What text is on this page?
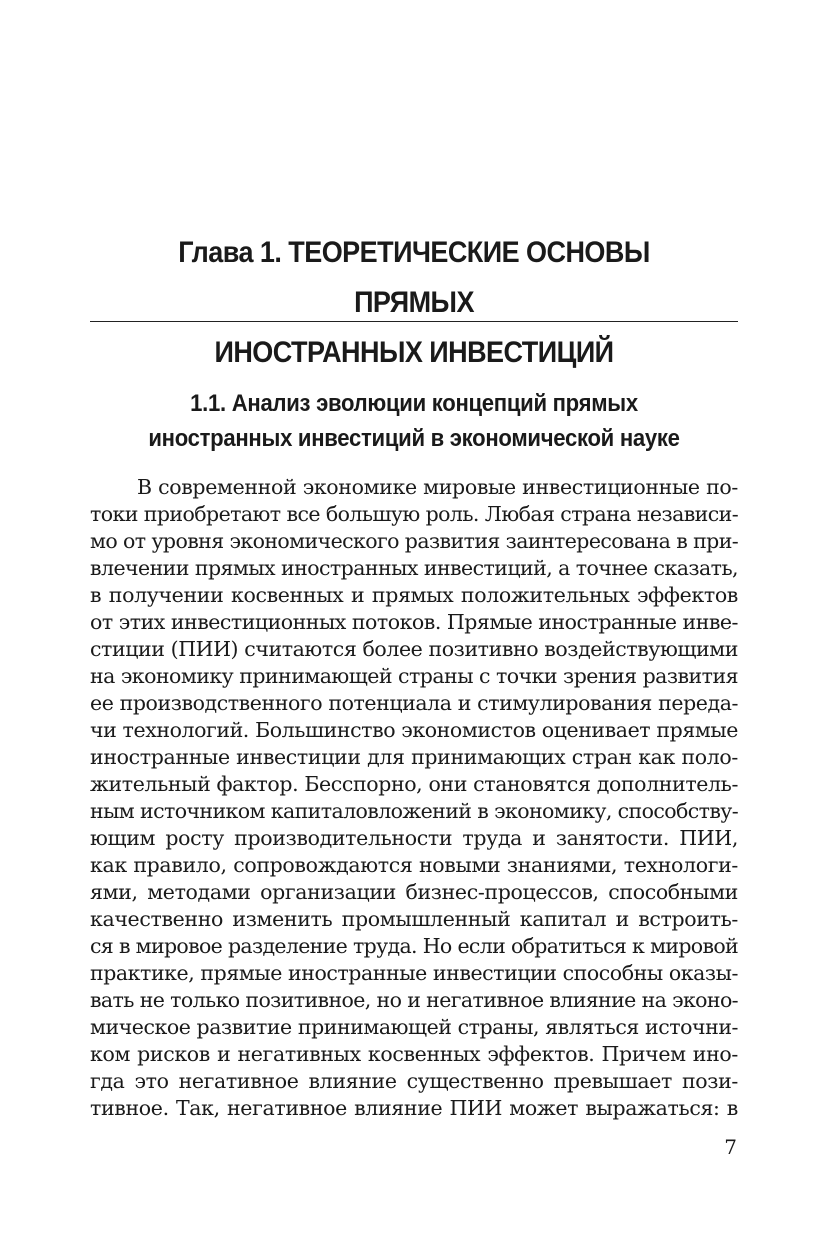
Глава 1. ТЕОРЕТИЧЕСКИЕ ОСНОВЫ ПРЯМЫХ
ИНОСТРАННЫХ ИНВЕСТИЦИЙ
1.1. Анализ эволюции концепций прямых
иностранных инвестиций в экономической науке
В современной экономике мировые инвестиционные по-
токи приобретают все большую роль. Любая страна независи-
мо от уровня экономического развития заинтересована в при-
влечении прямых иностранных инвестиций, а точнее сказать,
в получении косвенных и прямых положительных эффектов
от этих инвестиционных потоков. Прямые иностранные инве-
стиции (ПИИ) считаются более позитивно воздействующими
на экономику принимающей страны с точки зрения развития
ее производственного потенциала и стимулирования переда-
чи технологий. Большинство экономистов оценивает прямые
иностранные инвестиции для принимающих стран как поло-
жительный фактор. Бесспорно, они становятся дополнитель-
ным источником капиталовложений в экономику, способству-
ющим росту производительности труда и занятости. ПИИ,
как правило, сопровождаются новыми знаниями, технологи-
ями, методами организации бизнес-процессов, способными
качественно изменить промышленный капитал и встроить-
ся в мировое разделение труда. Но если обратиться к мировой
практике, прямые иностранные инвестиции способны оказы-
вать не только позитивное, но и негативное влияние на эконо-
мическое развитие принимающей страны, являться источни-
ком рисков и негативных косвенных эффектов. Причем ино-
гда это негативное влияние существенно превышает пози-
тивное. Так, негативное влияние ПИИ может выражаться: в
7
